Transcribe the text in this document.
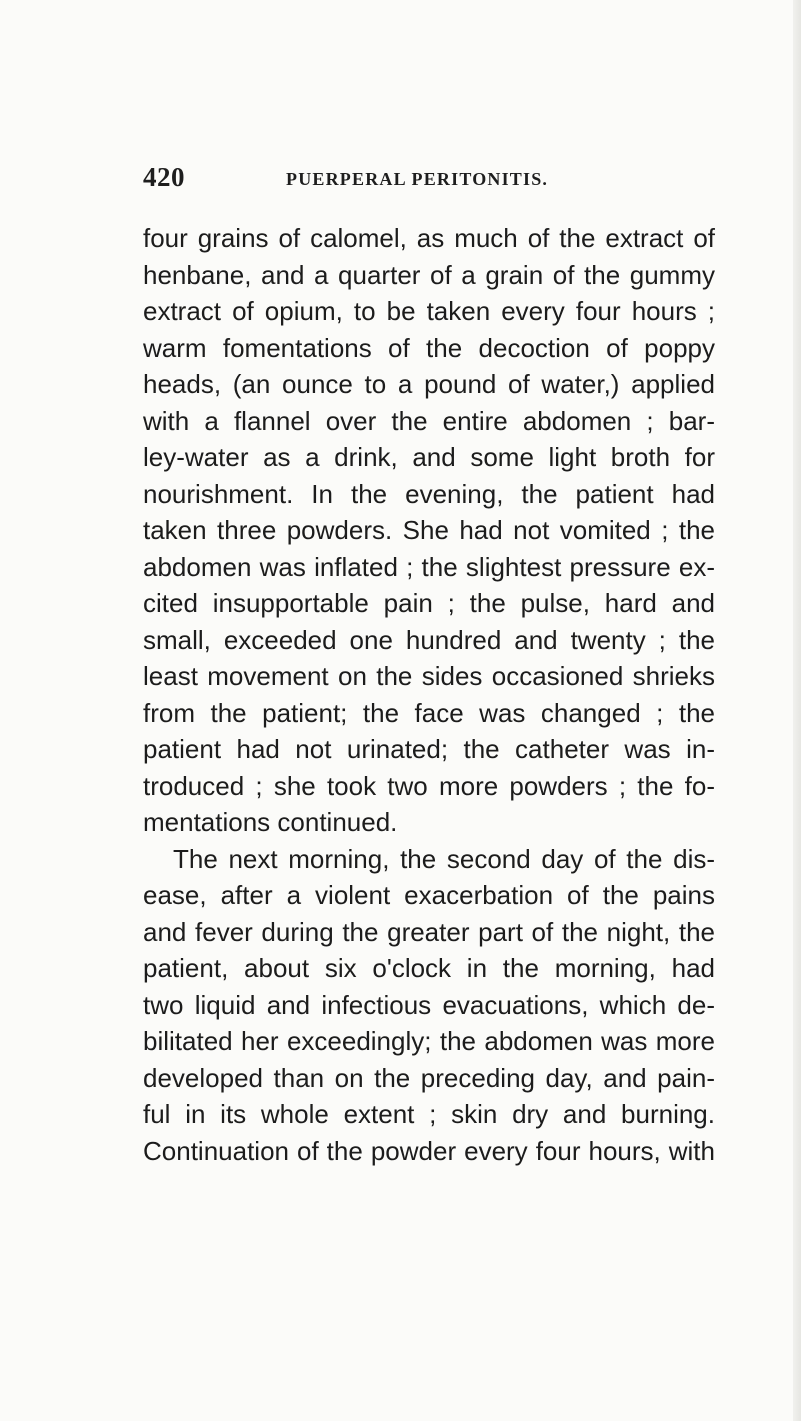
420	PUERPERAL PERITONITIS.
four grains of calomel, as much of the extract of
henbane, and a quarter of a grain of the gummy
extract of opium, to be taken every four hours ;
warm fomentations of the decoction of poppy
heads, (an ounce to a pound of water,) applied
with a flannel over the entire abdomen ; bar-
ley-water as a drink, and some light broth for
nourishment. In the evening, the patient had
taken three powders. She had not vomited ; the
abdomen was inflated ; the slightest pressure ex-
cited insupportable pain ; the pulse, hard and
small, exceeded one hundred and twenty ; the
least movement on the sides occasioned shrieks
from the patient; the face was changed ; the
patient had not urinated; the catheter was in-
troduced ; she took two more powders ; the fo-
mentations continued.
The next morning, the second day of the dis-
ease, after a violent exacerbation of the pains
and fever during the greater part of the night, the
patient, about six o'clock in the morning, had
two liquid and infectious evacuations, which de-
bilitated her exceedingly; the abdomen was more
developed than on the preceding day, and pain-
ful in its whole extent ; skin dry and burning.
Continuation of the powder every four hours, with
